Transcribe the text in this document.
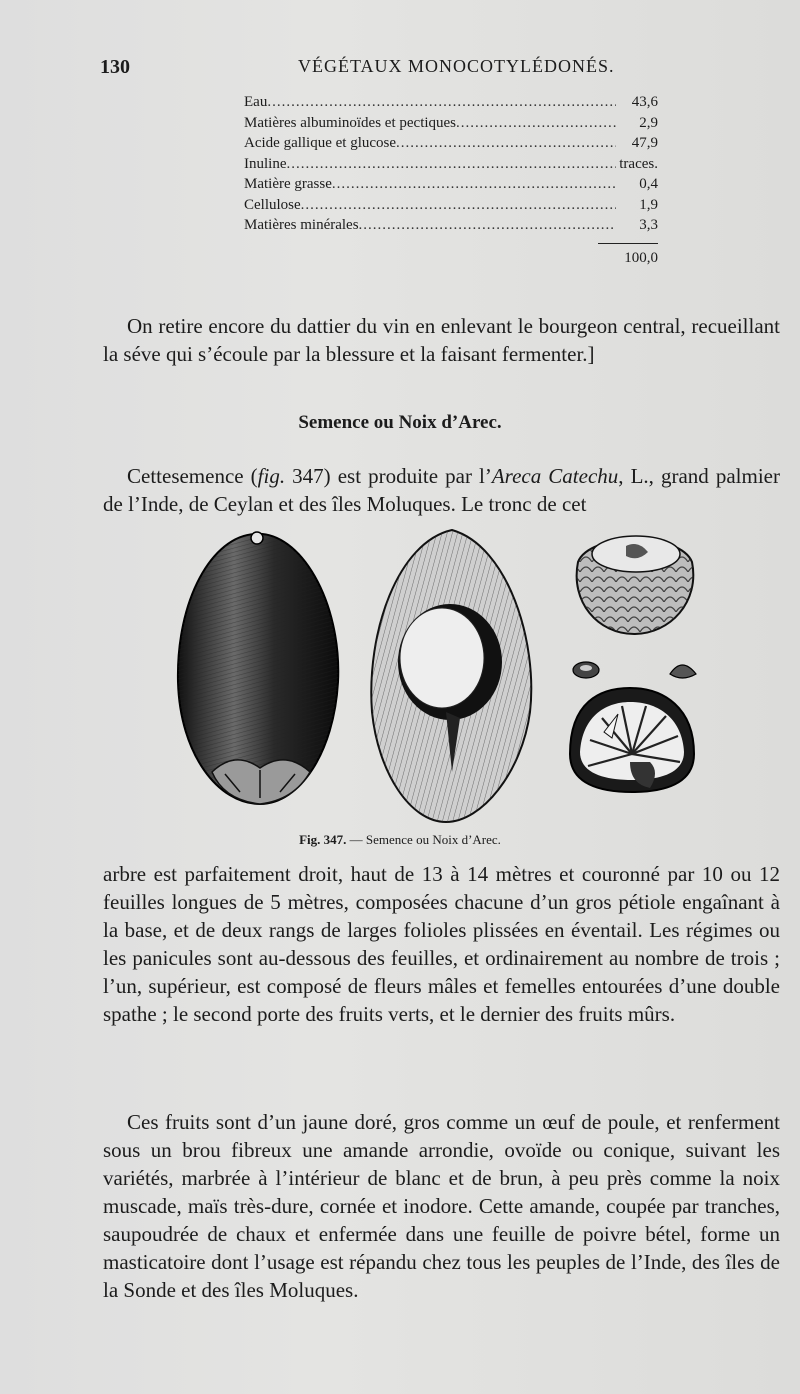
130	VÉGÉTAUX MONOCOTYLÉDONÉS.
Eau .....	43,6
Matières albuminoïdes et pectiques .....	2,9
Acide gallique et glucose .....	47,9
Inuline .....	traces.
Matière grasse .....	0,4
Cellulose .....	1,9
Matières minérales .....	3,3
100,0
On retire encore du dattier du vin en enlevant le bourgeon central, recueillant la séve qui s’écoule par la blessure et la faisant fermenter.]
Semence ou Noix d’Arec.
Cettesemence (fig. 347) est produite par l’Areca Catechu, L., grand palmier de l’Inde, de Ceylan et des îles Moluques. Le tronc de cet
Fig. 347. — Semence ou Noix d’Arec.
arbre est parfaitement droit, haut de 13 à 14 mètres et couronné par 10 ou 12 feuilles longues de 5 mètres, composées chacune d’un gros pétiole engaînant à la base, et de deux rangs de larges folioles plissées en éventail. Les régimes ou les panicules sont au-dessous des feuilles, et ordinairement au nombre de trois ; l’un, supérieur, est composé de fleurs mâles et femelles entourées d’une double spathe ; le second porte des fruits verts, et le dernier des fruits mûrs.
Ces fruits sont d’un jaune doré, gros comme un œuf de poule, et renferment sous un brou fibreux une amande arrondie, ovoïde ou conique, suivant les variétés, marbrée à l’intérieur de blanc et de brun, à peu près comme la noix muscade, maïs très-dure, cornée et inodore. Cette amande, coupée par tranches, saupoudrée de chaux et enfermée dans une feuille de poivre bétel, forme un masticatoire dont l’usage est répandu chez tous les peuples de l’Inde, des îles de la Sonde et des îles Moluques.
